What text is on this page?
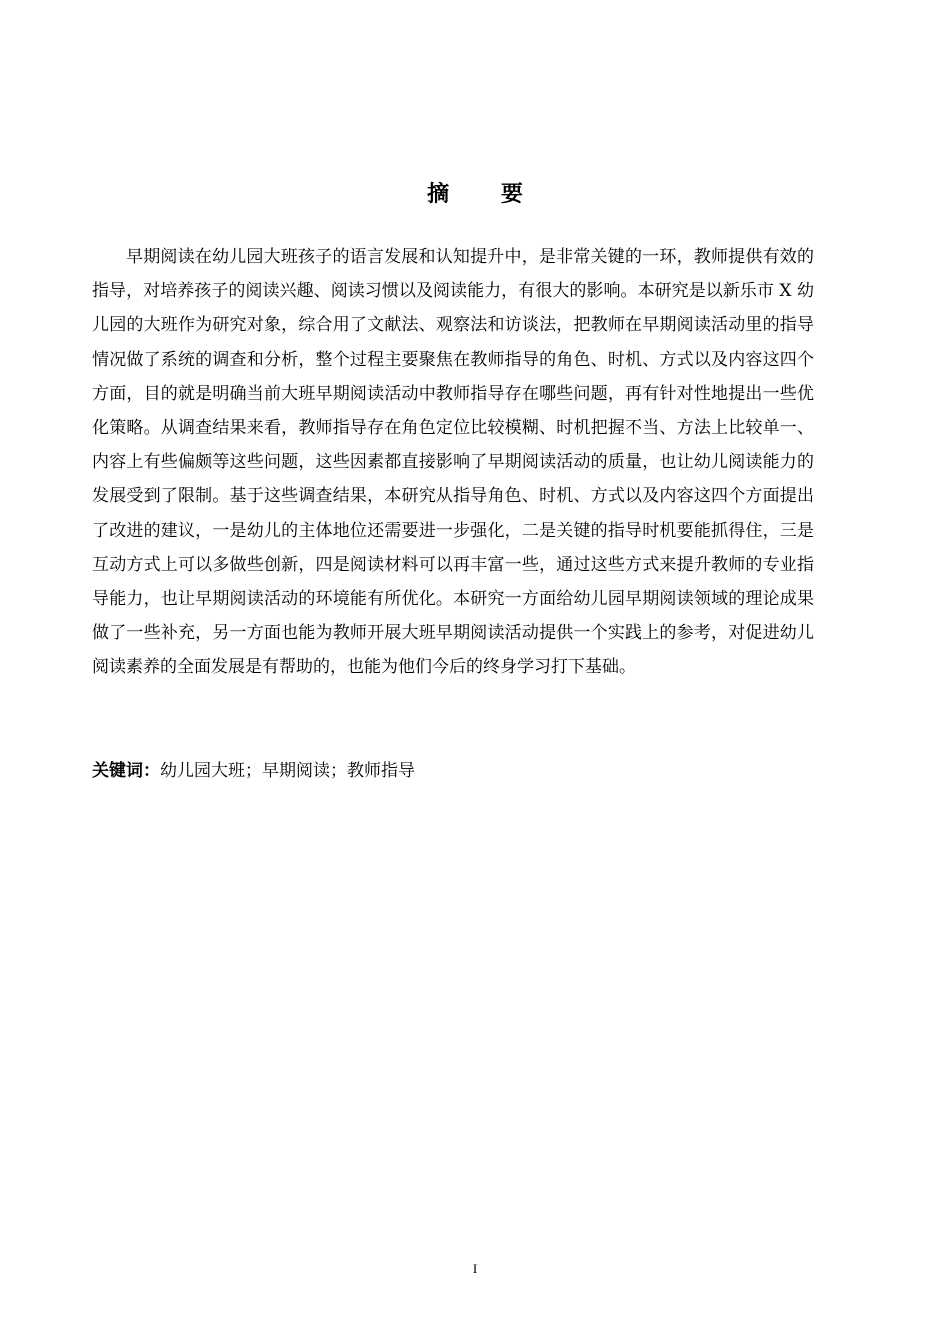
摘 要

早期阅读在幼儿园大班孩子的语言发展和认知提升中，是非常关键的一环，教师提供有效的指导，对培养孩子的阅读兴趣、阅读习惯以及阅读能力，有很大的影响。本研究是以新乐市 X 幼儿园的大班作为研究对象，综合用了文献法、观察法和访谈法，把教师在早期阅读活动里的指导情况做了系统的调查和分析，整个过程主要聚焦在教师指导的角色、时机、方式以及内容这四个方面，目的就是明确当前大班早期阅读活动中教师指导存在哪些问题，再有针对性地提出一些优化策略。从调查结果来看，教师指导存在角色定位比较模糊、时机把握不当、方法上比较单一、内容上有些偏颇等这些问题，这些因素都直接影响了早期阅读活动的质量，也让幼儿阅读能力的发展受到了限制。基于这些调查结果，本研究从指导角色、时机、方式以及内容这四个方面提出了改进的建议，一是幼儿的主体地位还需要进一步强化，二是关键的指导时机要能抓得住，三是互动方式上可以多做些创新，四是阅读材料可以再丰富一些，通过这些方式来提升教师的专业指导能力，也让早期阅读活动的环境能有所优化。本研究一方面给幼儿园早期阅读领域的理论成果做了一些补充，另一方面也能为教师开展大班早期阅读活动提供一个实践上的参考，对促进幼儿阅读素养的全面发展是有帮助的，也能为他们今后的终身学习打下基础。

关键词：幼儿园大班；早期阅读；教师指导

I
